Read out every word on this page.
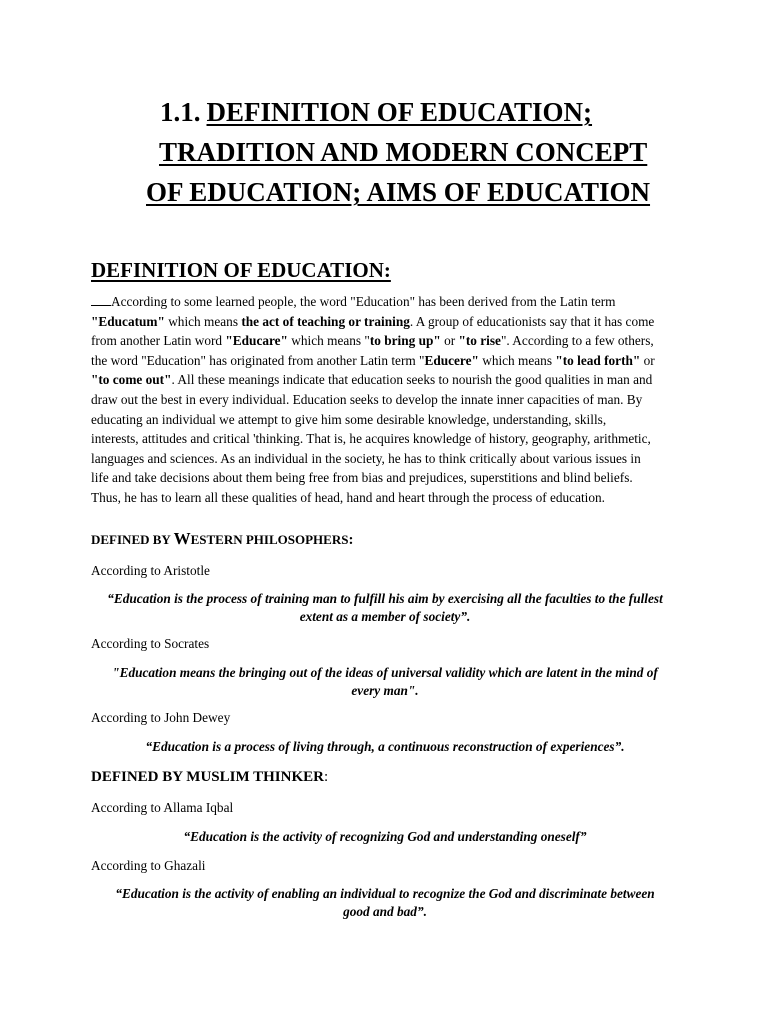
1.1. DEFINITION OF EDUCATION;
TRADITION AND MODERN CONCEPT
OF EDUCATION; AIMS OF EDUCATION
DEFINITION OF EDUCATION:
According to some learned people, the word "Education" has been derived from the Latin term
"Educatum" which means the act of teaching or training. A group of educationists say that it has come
from another Latin word "Educare" which means "to bring up" or "to rise". According to a few others,
the word "Education" has originated from another Latin term "Educere" which means "to lead forth" or
"to come out". All these meanings indicate that education seeks to nourish the good qualities in man and
draw out the best in every individual. Education seeks to develop the innate inner capacities of man. By
educating an individual we attempt to give him some desirable knowledge, understanding, skills,
interests, attitudes and critical 'thinking. That is, he acquires knowledge of history, geography, arithmetic,
languages and sciences. As an individual in the society, he has to think critically about various issues in
life and take decisions about them being free from bias and prejudices, superstitions and blind beliefs.
Thus, he has to learn all these qualities of head, hand and heart through the process of education.
DEFINED BY WESTERN PHILOSOPHERS:

According to Aristotle

“Education is the process of training man to fulfill his aim by exercising all the faculties to the fullest
extent as a member of society”.

According to Socrates

"Education means the bringing out of the ideas of universal validity which are latent in the mind of
every man".

According to John Dewey

“Education is a process of living through, a continuous reconstruction of experiences”.

DEFINED BY MUSLIM THINKER:

According to Allama Iqbal

“Education is the activity of recognizing God and understanding oneself”

According to Ghazali

“Education is the activity of enabling an individual to recognize the God and discriminate between
good and bad”.
